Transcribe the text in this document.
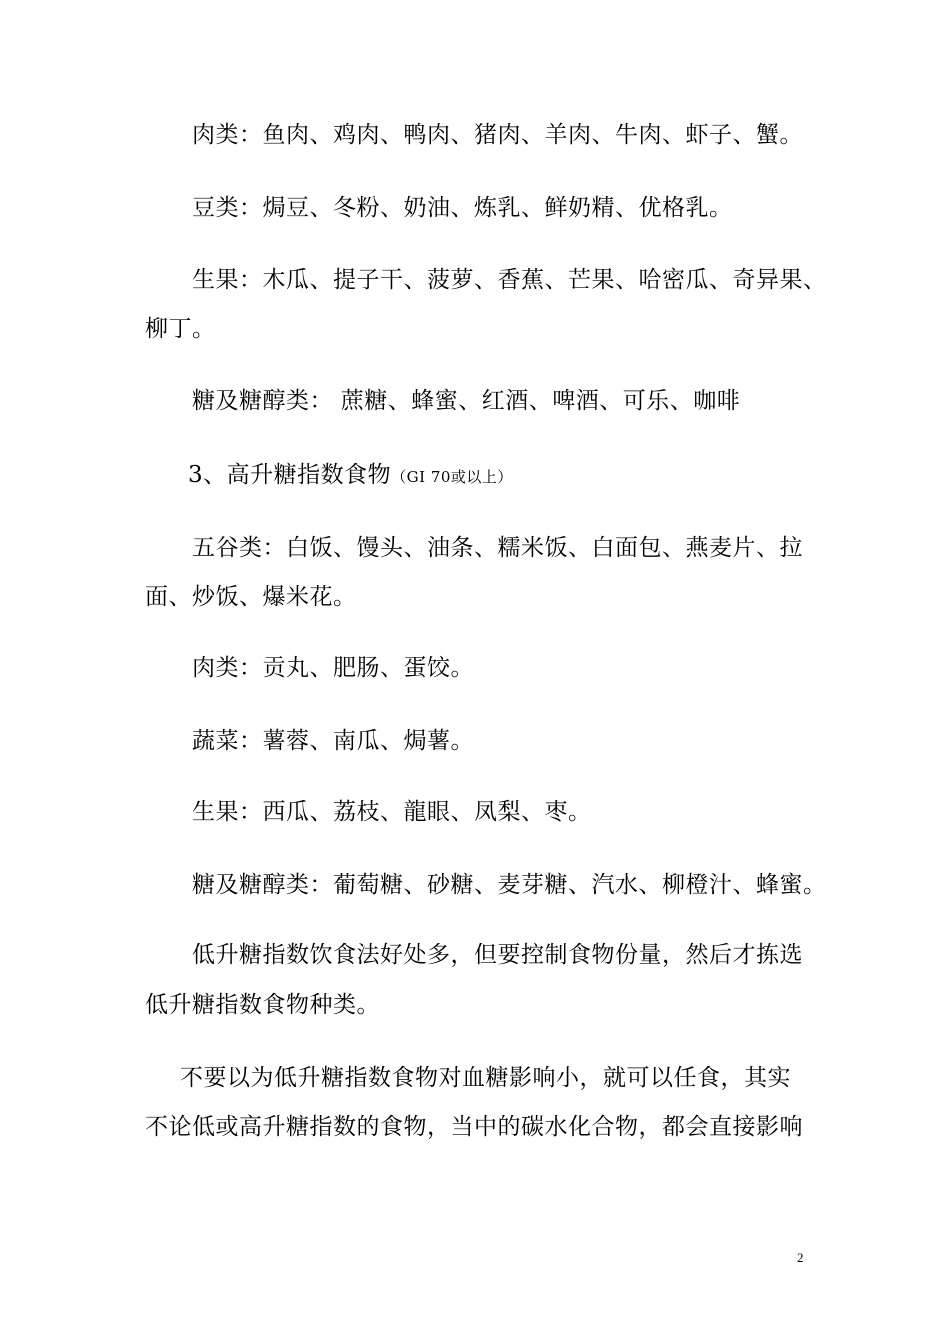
肉类：鱼肉、鸡肉、鸭肉、猪肉、羊肉、牛肉、虾子、蟹。
豆类：焗豆、冬粉、奶油、炼乳、鲜奶精、优格乳。
生果：木瓜、提子干、菠萝、香蕉、芒果、哈密瓜、奇异果、
柳丁。
糖及糖醇类： 蔗糖、蜂蜜、红酒、啤酒、可乐、咖啡
3、高升糖指数食物（GI 70或以上）
五谷类：白饭、馒头、油条、糯米饭、白面包、燕麦片、拉
面、炒饭、爆米花。
肉类：贡丸、肥肠、蛋饺。
蔬菜：薯蓉、南瓜、焗薯。
生果：西瓜、荔枝、龍眼、凤梨、枣。
糖及糖醇类：葡萄糖、砂糖、麦芽糖、汽水、柳橙汁、蜂蜜。
低升糖指数饮食法好处多，但要控制食物份量，然后才拣选
低升糖指数食物种类。
不要以为低升糖指数食物对血糖影响小，就可以任食，其实
不论低或高升糖指数的食物，当中的碳水化合物，都会直接影响
2
